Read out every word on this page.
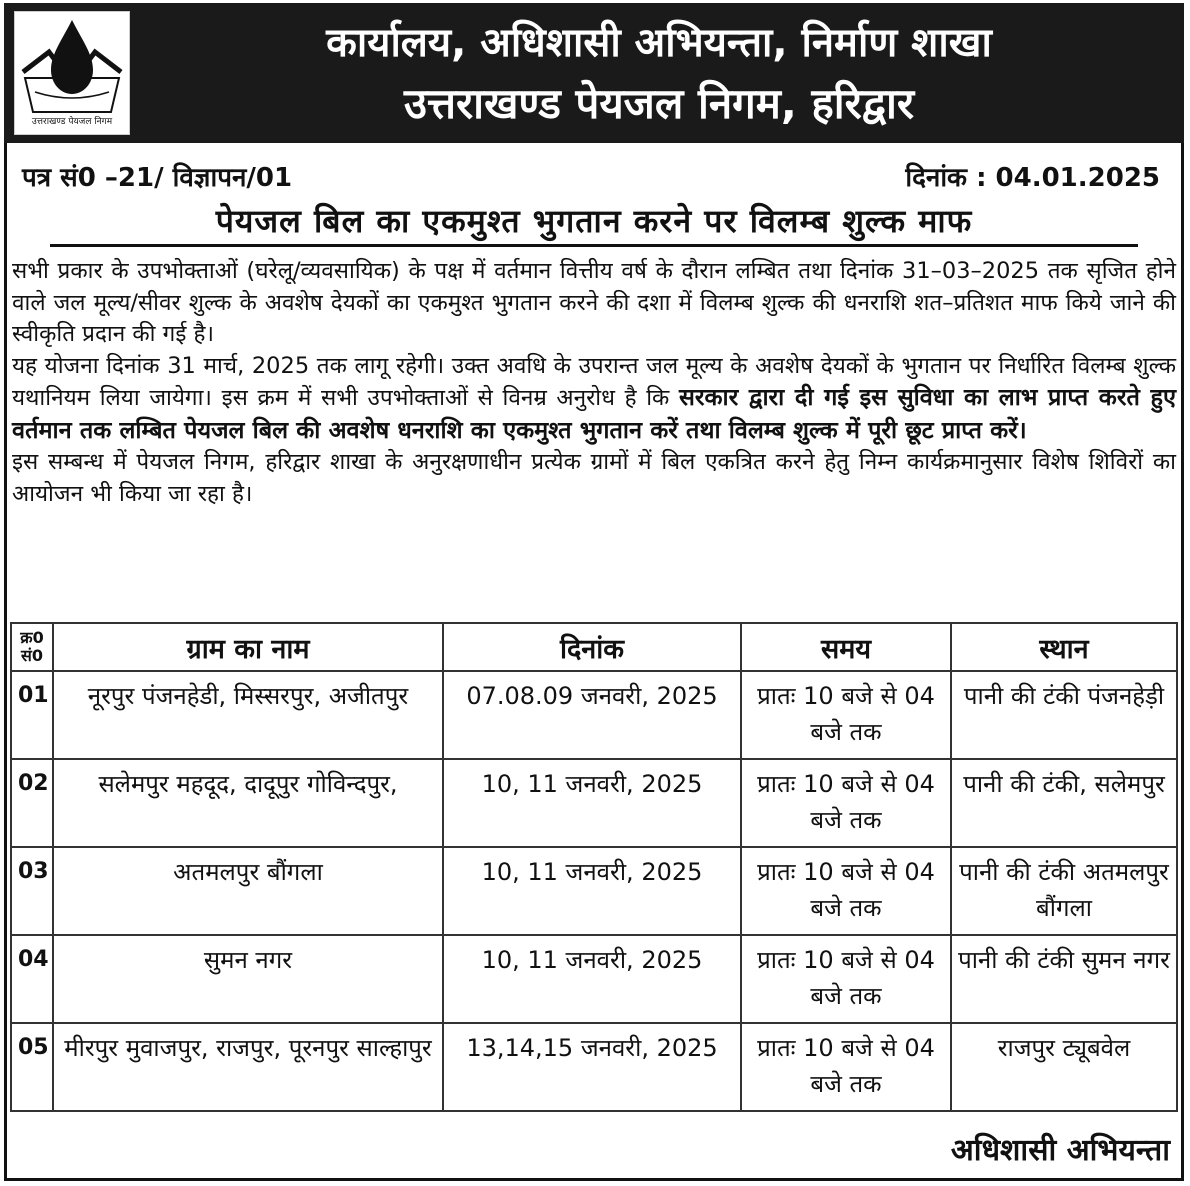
उत्तराखण्ड पेयजल निगम
कार्यालय, अधिशासी अभियन्ता, निर्माण शाखा
उत्तराखण्ड पेयजल निगम, हरिद्वार
पत्र सं0 –21/ विज्ञापन/01	दिनांक : 04.01.2025
पेयजल बिल का एकमुश्त भुगतान करने पर विलम्ब शुल्क माफ

सभी प्रकार के उपभोक्ताओं (घरेलू/व्यवसायिक) के पक्ष में वर्तमान वित्तीय वर्ष के दौरान लम्बित तथा दिनांक 31–03–2025 तक सृजित होने वाले जल मूल्य/सीवर शुल्क के अवशेष देयकों का एकमुश्त भुगतान करने की दशा में विलम्ब शुल्क की धनराशि शत–प्रतिशत माफ किये जाने की स्वीकृति प्रदान की गई है।

यह योजना दिनांक 31 मार्च, 2025 तक लागू रहेगी। उक्त अवधि के उपरान्त जल मूल्य के अवशेष देयकों के भुगतान पर निर्धारित विलम्ब शुल्क यथानियम लिया जायेगा। इस क्रम में सभी उपभोक्ताओं से विनम्र अनुरोध है कि सरकार द्वारा दी गई इस सुविधा का लाभ प्राप्त करते हुए वर्तमान तक लम्बित पेयजल बिल की अवशेष धनराशि का एकमुश्त भुगतान करें तथा विलम्ब शुल्क में पूरी छूट प्राप्त करें।

इस सम्बन्ध में पेयजल निगम, हरिद्वार शाखा के अनुरक्षणाधीन प्रत्येक ग्रामों में बिल एकत्रित करने हेतु निम्न कार्यक्रमानुसार विशेष शिविरों का आयोजन भी किया जा रहा है।

क्र0 सं0	ग्राम का नाम	दिनांक	समय	स्थान
01	नूरपुर पंजनहेडी, मिस्सरपुर, अजीतपुर	07.08.09 जनवरी, 2025	प्रातः 10 बजे से 04 बजे तक	पानी की टंकी पंजनहेड़ी
02	सलेमपुर महदूद, दादूपुर गोविन्दपुर,	10, 11 जनवरी, 2025	प्रातः 10 बजे से 04 बजे तक	पानी की टंकी, सलेमपुर
03	अतमलपुर बौंगला	10, 11 जनवरी, 2025	प्रातः 10 बजे से 04 बजे तक	पानी की टंकी अतमलपुर बौंगला
04	सुमन नगर	10, 11 जनवरी, 2025	प्रातः 10 बजे से 04 बजे तक	पानी की टंकी सुमन नगर
05	मीरपुर मुवाजपुर, राजपुर, पूरनपुर साल्हापुर	13,14,15 जनवरी, 2025	प्रातः 10 बजे से 04 बजे तक	राजपुर ट्यूबवेल
अधिशासी अभियन्ता
